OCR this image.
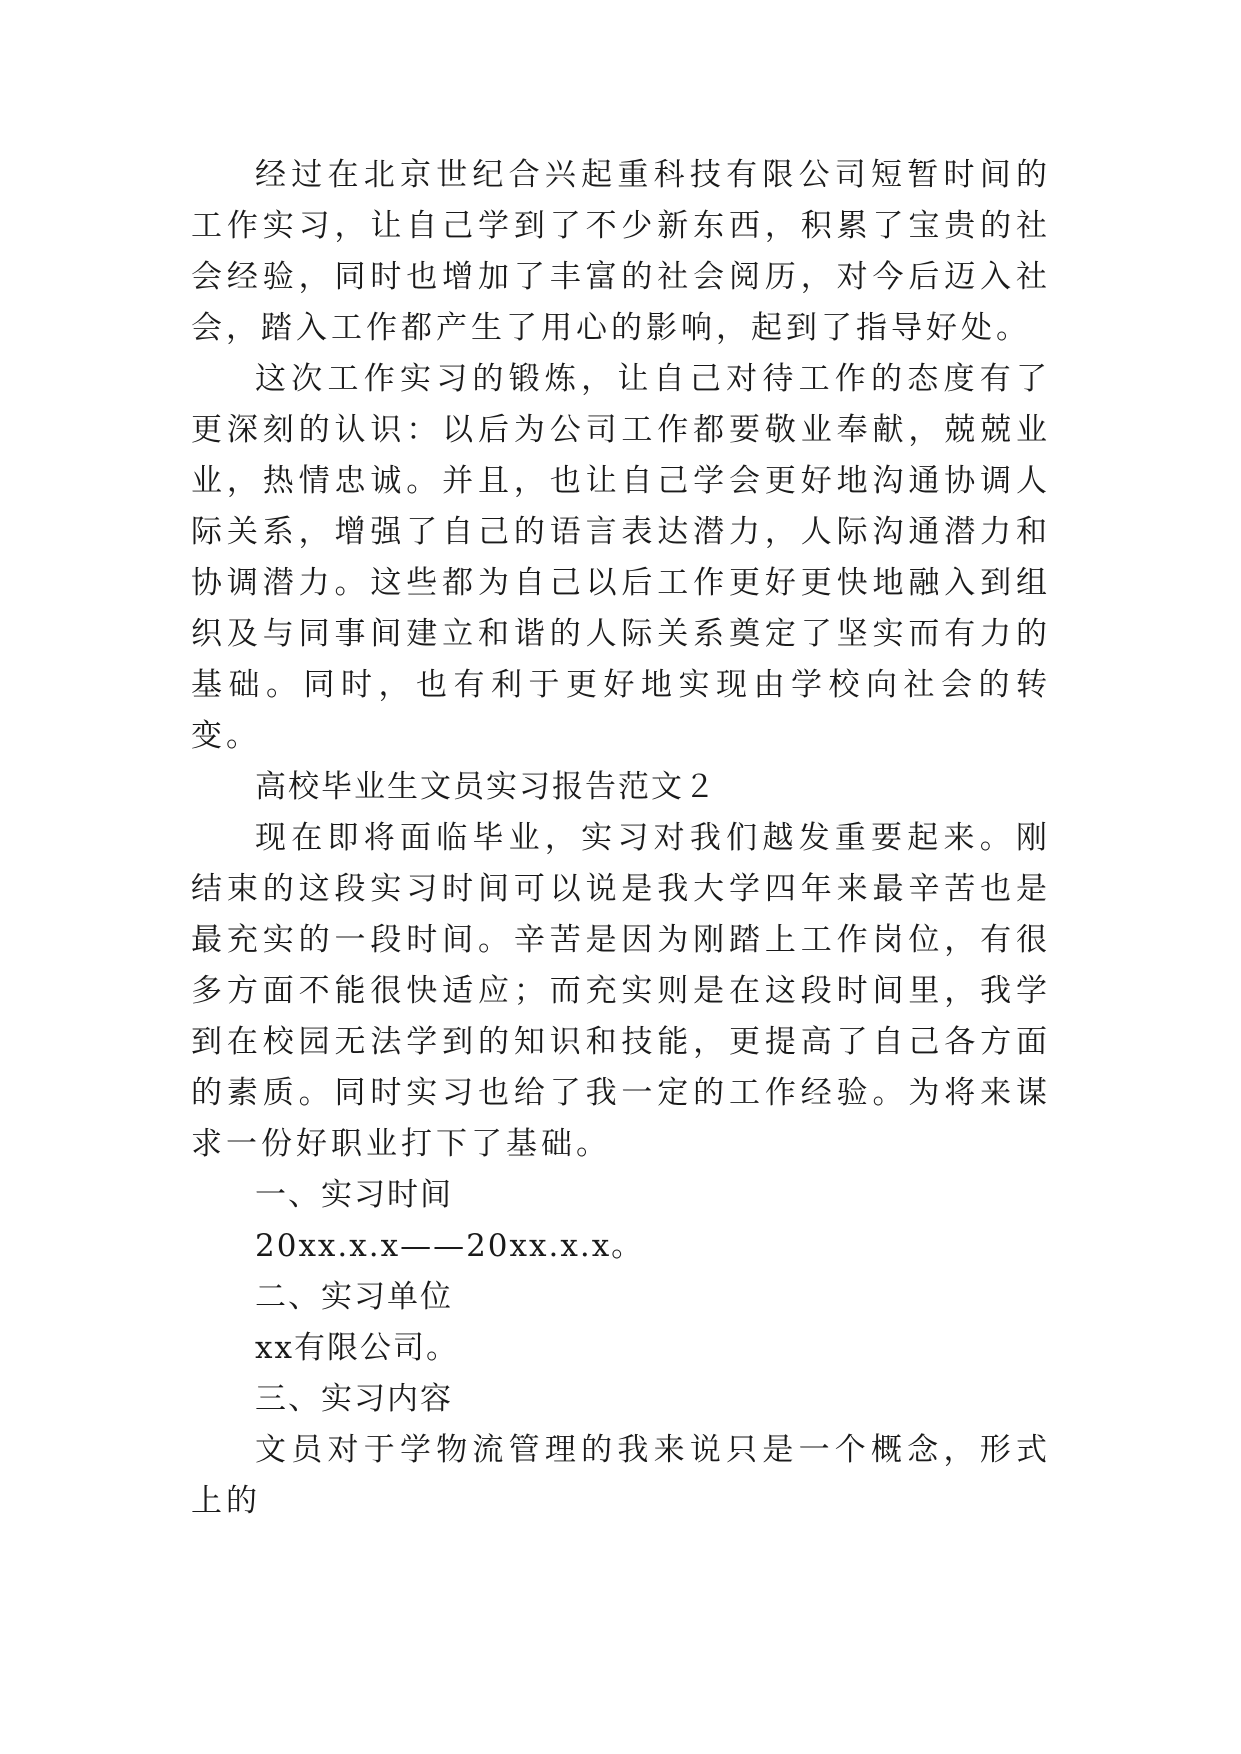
经过在北京世纪合兴起重科技有限公司短暂时间的工作实习，让自己学到了不少新东西，积累了宝贵的社会经验，同时也增加了丰富的社会阅历，对今后迈入社会，踏入工作都产生了用心的影响，起到了指导好处。

这次工作实习的锻炼，让自己对待工作的态度有了更深刻的认识：以后为公司工作都要敬业奉献，兢兢业业，热情忠诚。并且，也让自己学会更好地沟通协调人际关系，增强了自己的语言表达潜力，人际沟通潜力和协调潜力。这些都为自己以后工作更好更快地融入到组织及与同事间建立和谐的人际关系奠定了坚实而有力的基础。同时，也有利于更好地实现由学校向社会的转变。

高校毕业生文员实习报告范文２

现在即将面临毕业，实习对我们越发重要起来。刚结束的这段实习时间可以说是我大学四年来最辛苦也是最充实的一段时间。辛苦是因为刚踏上工作岗位，有很多方面不能很快适应；而充实则是在这段时间里，我学到在校园无法学到的知识和技能，更提高了自己各方面的素质。同时实习也给了我一定的工作经验。为将来谋求一份好职业打下了基础。

一、实习时间

20xx.x.x——20xx.x.x。

二、实习单位

xx有限公司。

三、实习内容

文员对于学物流管理的我来说只是一个概念，形式上的
